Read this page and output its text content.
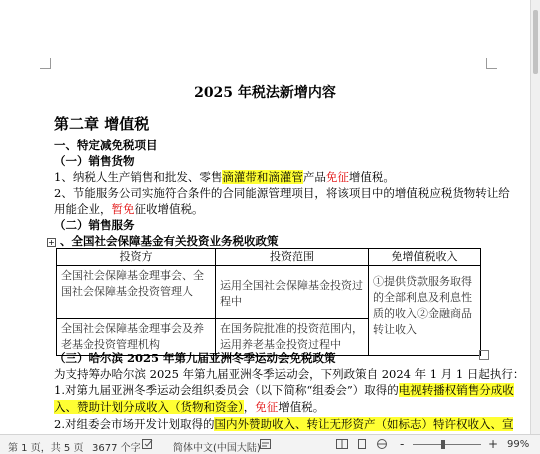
2025 年税法新增内容
第二章 增值税
一、特定减免税项目
（一）销售货物
1、纳税人生产销售和批发、零售滴灌带和滴灌管产品免征增值税。
2、节能服务公司实施符合条件的合同能源管理项目，将该项目中的增值税应税货物转让给
用能企业，暂免征收增值税。
（二）销售服务
+ 、全国社会保障基金有关投资业务税收政策
投资方	投资范围	免增值税收入
全国社会保障基金理事会、全国社会保障基金投资管理人	运用全国社会保障基金投资过程中	①提供贷款服务取得的全部利息及利息性质的收入②金融商品转让收入
全国社会保障基金理事会及养老基金投资管理机构	在国务院批准的投资范围内，运用养老基金投资过程中	
（三）哈尔滨 2025 年第九届亚洲冬季运动会免税政策
为支持筹办哈尔滨 2025 年第九届亚洲冬季运动会，下列政策自 2024 年 1 月 1 日起执行：
1.对第九届亚洲冬季运动会组织委员会（以下简称“组委会”）取得的电视转播权销售分成收
入、赞助计划分成收入（货物和资金），免征增值税。
2.对组委会市场开发计划取得的国内外赞助收入、转让无形资产（如标志）特许权收入、宣
第 1 页，共 5 页 3677 个字	简体中文(中国大陆)	-	+ 99%
